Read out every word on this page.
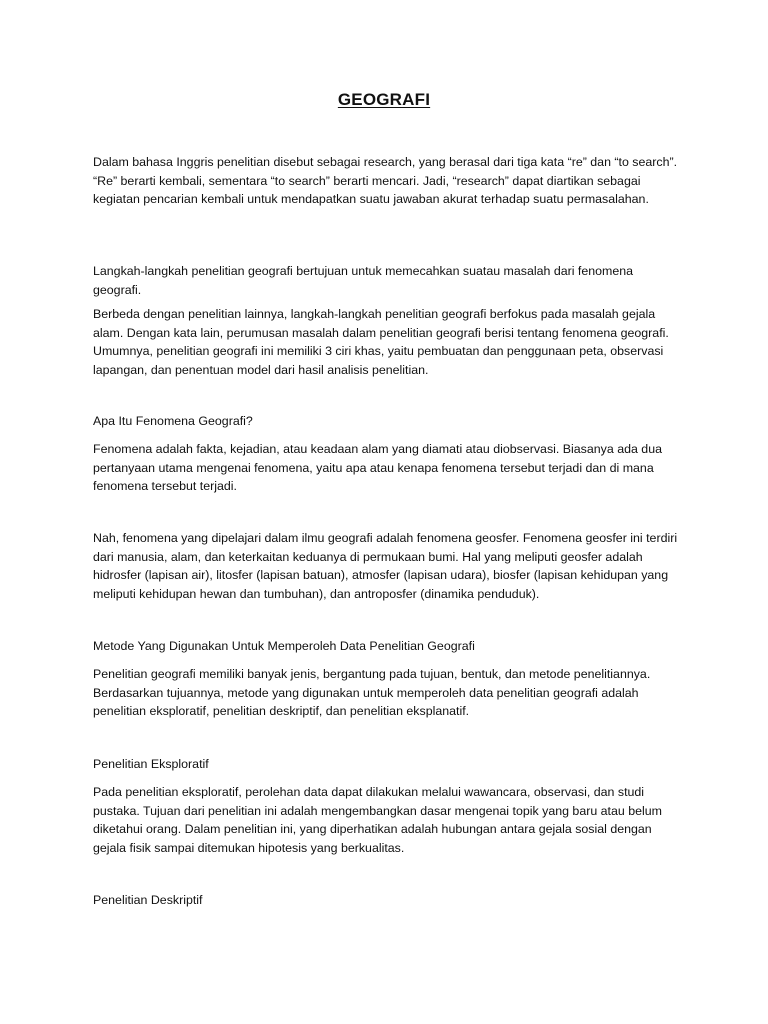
GEOGRAFI

Dalam bahasa Inggris penelitian disebut sebagai research, yang berasal dari tiga kata “re” dan “to search”. “Re” berarti kembali, sementara “to search” berarti mencari. Jadi, “research” dapat diartikan sebagai kegiatan pencarian kembali untuk mendapatkan suatu jawaban akurat terhadap suatu permasalahan.

Langkah-langkah penelitian geografi bertujuan untuk memecahkan suatau masalah dari fenomena geografi.

Berbeda dengan penelitian lainnya, langkah-langkah penelitian geografi berfokus pada masalah gejala alam. Dengan kata lain, perumusan masalah dalam penelitian geografi berisi tentang fenomena geografi. Umumnya, penelitian geografi ini memiliki 3 ciri khas, yaitu pembuatan dan penggunaan peta, observasi lapangan, dan penentuan model dari hasil analisis penelitian.

Apa Itu Fenomena Geografi?

Fenomena adalah fakta, kejadian, atau keadaan alam yang diamati atau diobservasi. Biasanya ada dua pertanyaan utama mengenai fenomena, yaitu apa atau kenapa fenomena tersebut terjadi dan di mana fenomena tersebut terjadi.

Nah, fenomena yang dipelajari dalam ilmu geografi adalah fenomena geosfer. Fenomena geosfer ini terdiri dari manusia, alam, dan keterkaitan keduanya di permukaan bumi. Hal yang meliputi geosfer adalah hidrosfer (lapisan air), litosfer (lapisan batuan), atmosfer (lapisan udara), biosfer (lapisan kehidupan yang meliputi kehidupan hewan dan tumbuhan), dan antroposfer (dinamika penduduk).

Metode Yang Digunakan Untuk Memperoleh Data Penelitian Geografi

Penelitian geografi memiliki banyak jenis, bergantung pada tujuan, bentuk, dan metode penelitiannya. Berdasarkan tujuannya, metode yang digunakan untuk memperoleh data penelitian geografi adalah penelitian eksploratif, penelitian deskriptif, dan penelitian eksplanatif.

Penelitian Eksploratif

Pada penelitian eksploratif, perolehan data dapat dilakukan melalui wawancara, observasi, dan studi pustaka. Tujuan dari penelitian ini adalah mengembangkan dasar mengenai topik yang baru atau belum diketahui orang. Dalam penelitian ini, yang diperhatikan adalah hubungan antara gejala sosial dengan gejala fisik sampai ditemukan hipotesis yang berkualitas.

Penelitian Deskriptif
